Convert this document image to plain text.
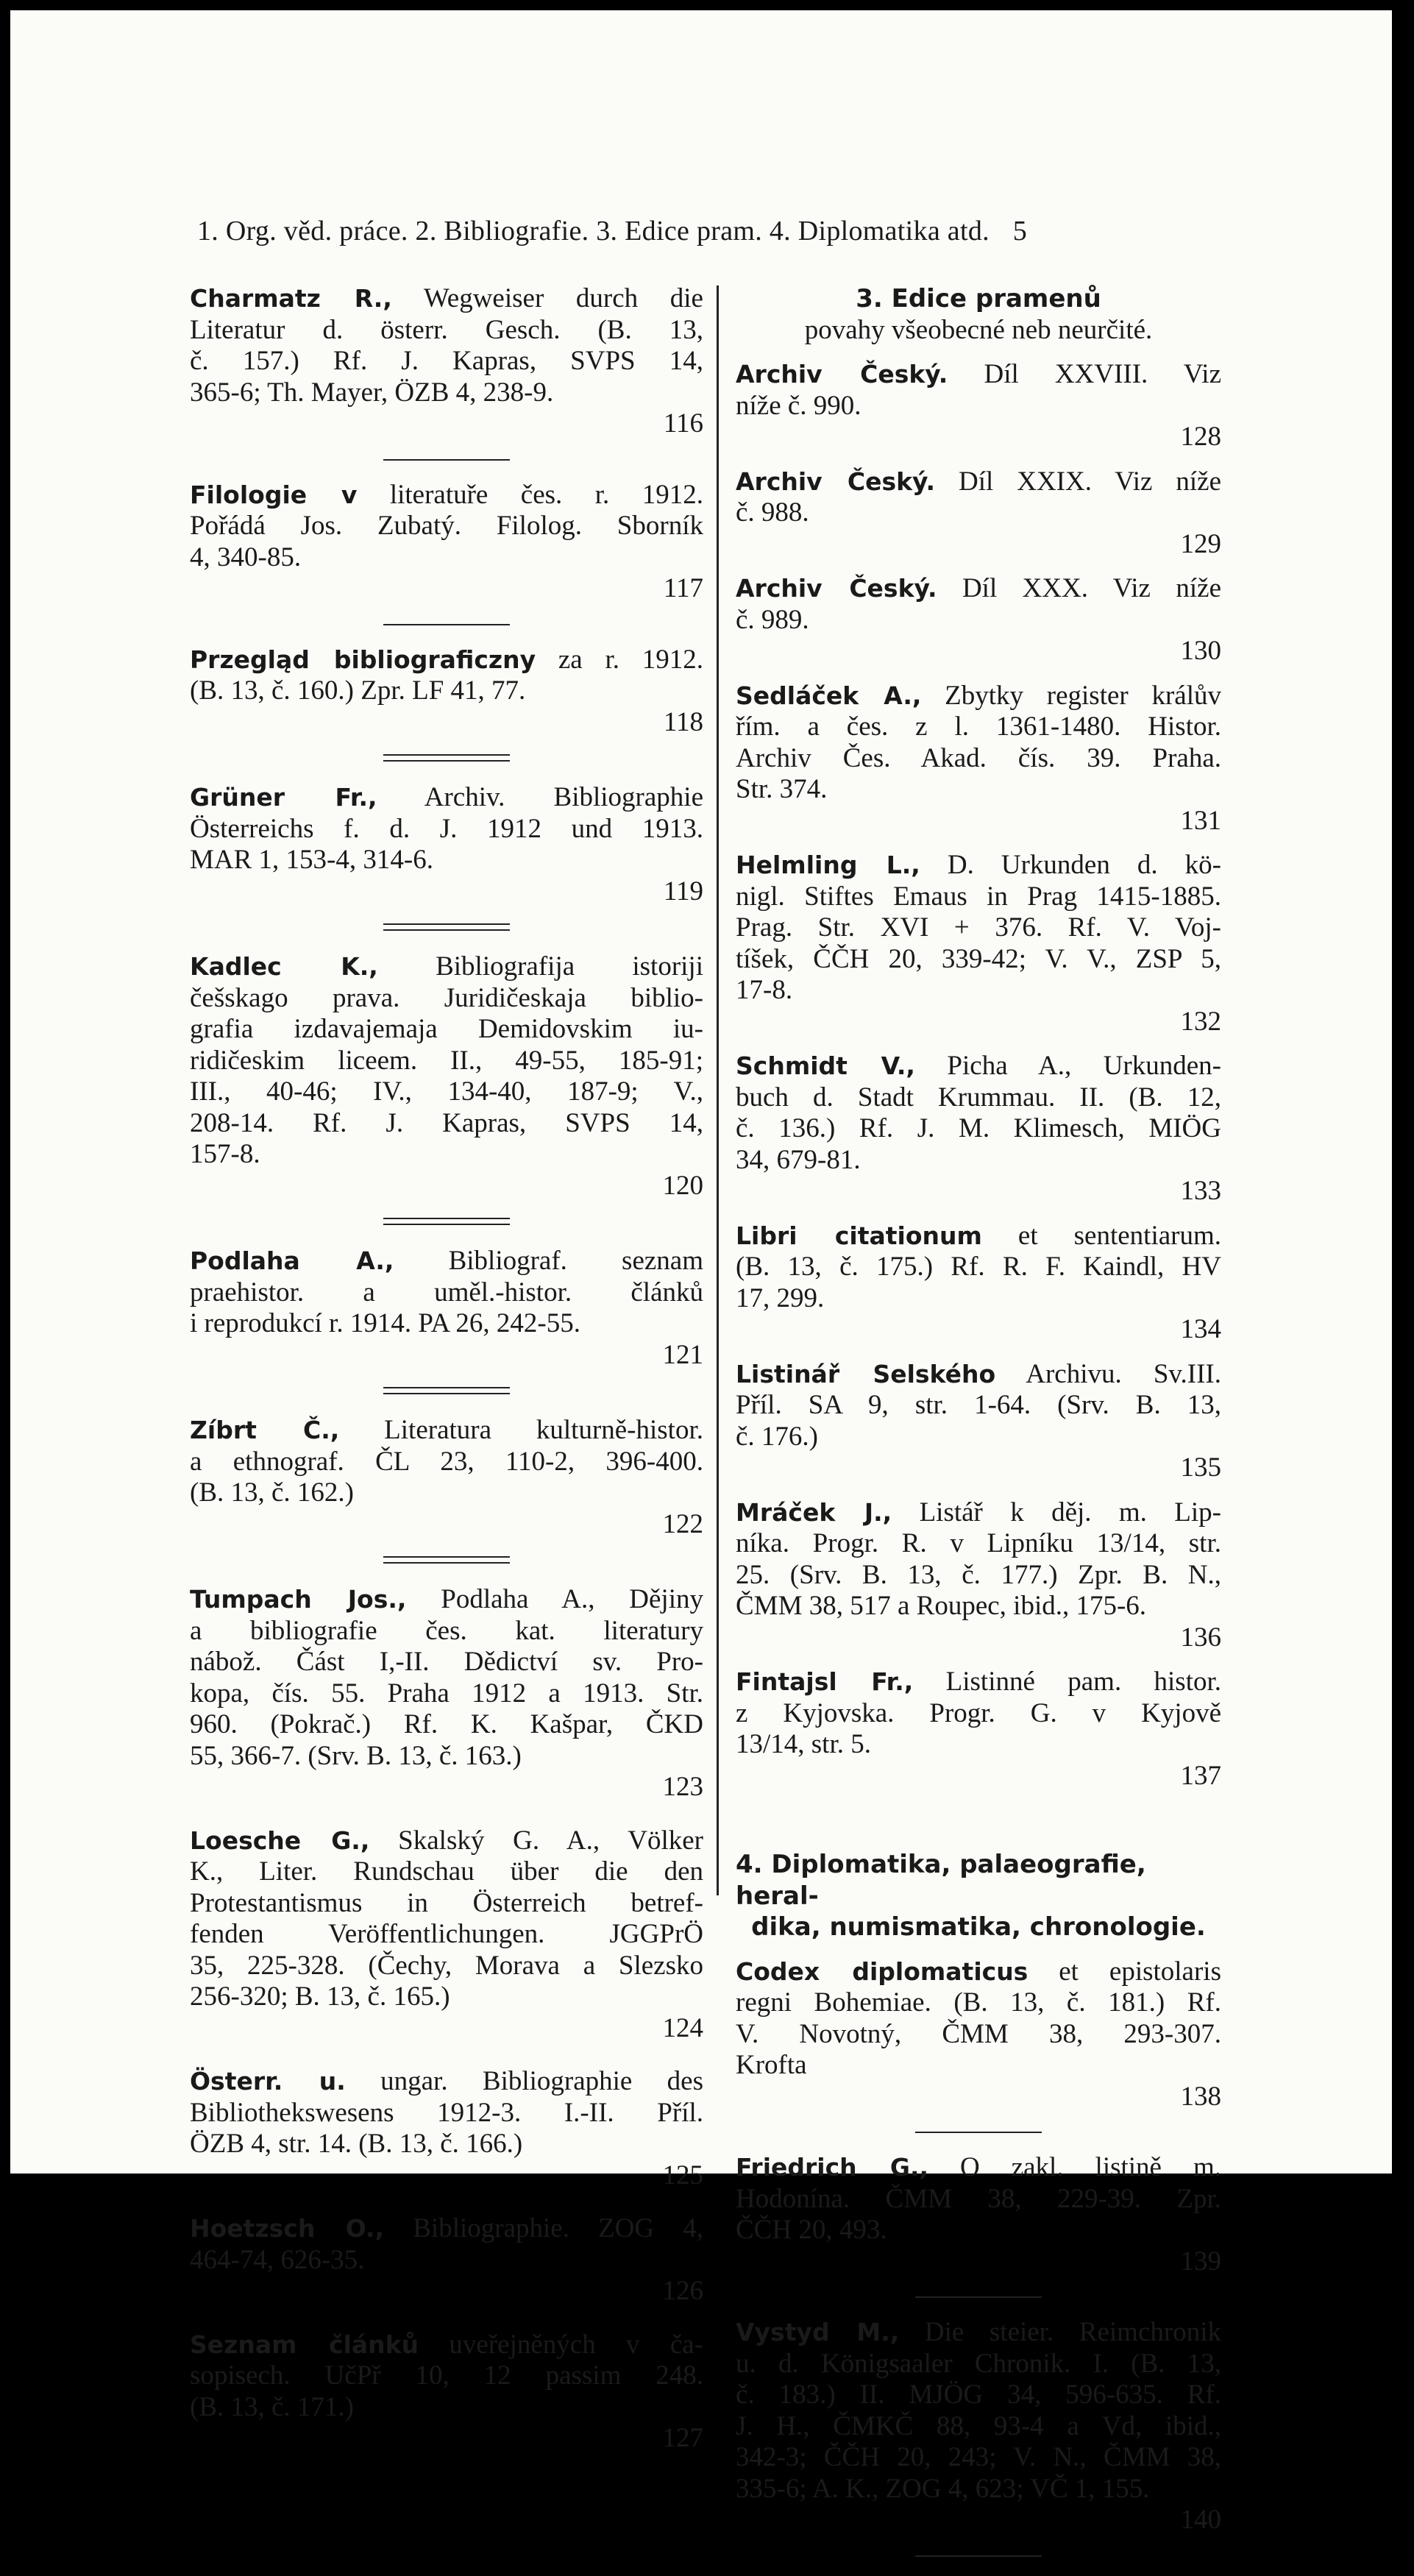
1. Org. věd. práce. 2. Bibliografie. 3. Edice pram. 4. Diplomatika atd. 5
Charmatz R., Wegweiser durch die
Literatur d. österr. Gesch. (B. 13,
č. 157.) Rf. J. Kapras, SVPS 14,
365-6; Th. Mayer, ÖZB 4, 238-9.
116
Filologie v literatuře čes. r. 1912.
Pořádá Jos. Zubatý. Filolog. Sborník
4, 340-85.
117
Przegląd bibliograficzny za r. 1912.
(B. 13, č. 160.) Zpr. LF 41, 77.
118
Grüner Fr., Archiv. Bibliographie
Österreichs f. d. J. 1912 und 1913.
MAR 1, 153-4, 314-6.
119
Kadlec K., Bibliografija istoriji
češskago prava. Juridičeskaja biblio-
grafia izdavajemaja Demidovskim iu-
ridičeskim liceem. II., 49-55, 185-91;
III., 40-46; IV., 134-40, 187-9; V.,
208-14. Rf. J. Kapras, SVPS 14,
157-8.
120
Podlaha A., Bibliograf. seznam
praehistor. a uměl.-histor. článků
i reprodukcí r. 1914. PA 26, 242-55.
121
Zíbrt Č., Literatura kulturně-histor.
a ethnograf. ČL 23, 110-2, 396-400.
(B. 13, č. 162.)
122
Tumpach Jos., Podlaha A., Dějiny
a bibliografie čes. kat. literatury
nábož. Část I,-II. Dědictví sv. Pro-
kopa, čís. 55. Praha 1912 a 1913. Str.
960. (Pokrač.) Rf. K. Kašpar, ČKD
55, 366-7. (Srv. B. 13, č. 163.)
123
Loesche G., Skalský G. A., Völker
K., Liter. Rundschau über die den
Protestantismus in Österreich betref-
fenden Veröffentlichungen. JGGPrÖ
35, 225-328. (Čechy, Morava a Slezsko
256-320; B. 13, č. 165.)
124
Österr. u. ungar. Bibliographie des
Bibliothekswesens 1912-3. I.-II. Příl.
ÖZB 4, str. 14. (B. 13, č. 166.)
125
Hoetzsch O., Bibliographie. ZOG 4,
464-74, 626-35.
126
Seznam článků uveřejněných v ča-
sopisech. UčPř 10, 12 passim 248.
(B. 13, č. 171.)
127
3. Edice pramenů
povahy všeobecné neb neurčité.
Archiv Český. Díl XXVIII. Viz
níže č. 990.
128
Archiv Český. Díl XXIX. Viz níže
č. 988.
129
Archiv Český. Díl XXX. Viz níže
č. 989.
130
Sedláček A., Zbytky register králův
řím. a čes. z l. 1361-1480. Histor.
Archiv Čes. Akad. čís. 39. Praha.
Str. 374.
131
Helmling L., D. Urkunden d. kö-
nigl. Stiftes Emaus in Prag 1415-1885.
Prag. Str. XVI + 376. Rf. V. Voj-
tíšek, ČČH 20, 339-42; V. V., ZSP 5,
17-8.
132
Schmidt V., Picha A., Urkunden-
buch d. Stadt Krummau. II. (B. 12,
č. 136.) Rf. J. M. Klimesch, MIÖG
34, 679-81.
133
Libri citationum et sententiarum.
(B. 13, č. 175.) Rf. R. F. Kaindl, HV
17, 299.
134
Listinář Selského Archivu. Sv.III.
Příl. SA 9, str. 1-64. (Srv. B. 13,
č. 176.)
135
Mráček J., Listář k děj. m. Lip-
níka. Progr. R. v Lipníku 13/14, str.
25. (Srv. B. 13, č. 177.) Zpr. B. N.,
ČMM 38, 517 a Roupec, ibid., 175-6.
136
Fintajsl Fr., Listinné pam. histor.
z Kyjovska. Progr. G. v Kyjově
13/14, str. 5.
137
4. Diplomatika, palaeografie, heral-
dika, numismatika, chronologie.
Codex diplomaticus et epistolaris
regni Bohemiae. (B. 13, č. 181.) Rf.
V. Novotný, ČMM 38, 293-307.
Krofta
138
Friedrich G., O zakl. listině m.
Hodonína. ČMM 38, 229-39. Zpr.
ČČH 20, 493.
139
Vystyd M., Die steier. Reimchronik
u. d. Königsaaler Chronik. I. (B. 13,
č. 183.) II. MJÖG 34, 596-635. Rf.
J. H., ČMKČ 88, 93-4 a Vd, ibid.,
342-3; ČČH 20, 243; V. N., ČMM 38,
335-6; A. K., ZOG 4, 623; VČ 1, 155.
140
